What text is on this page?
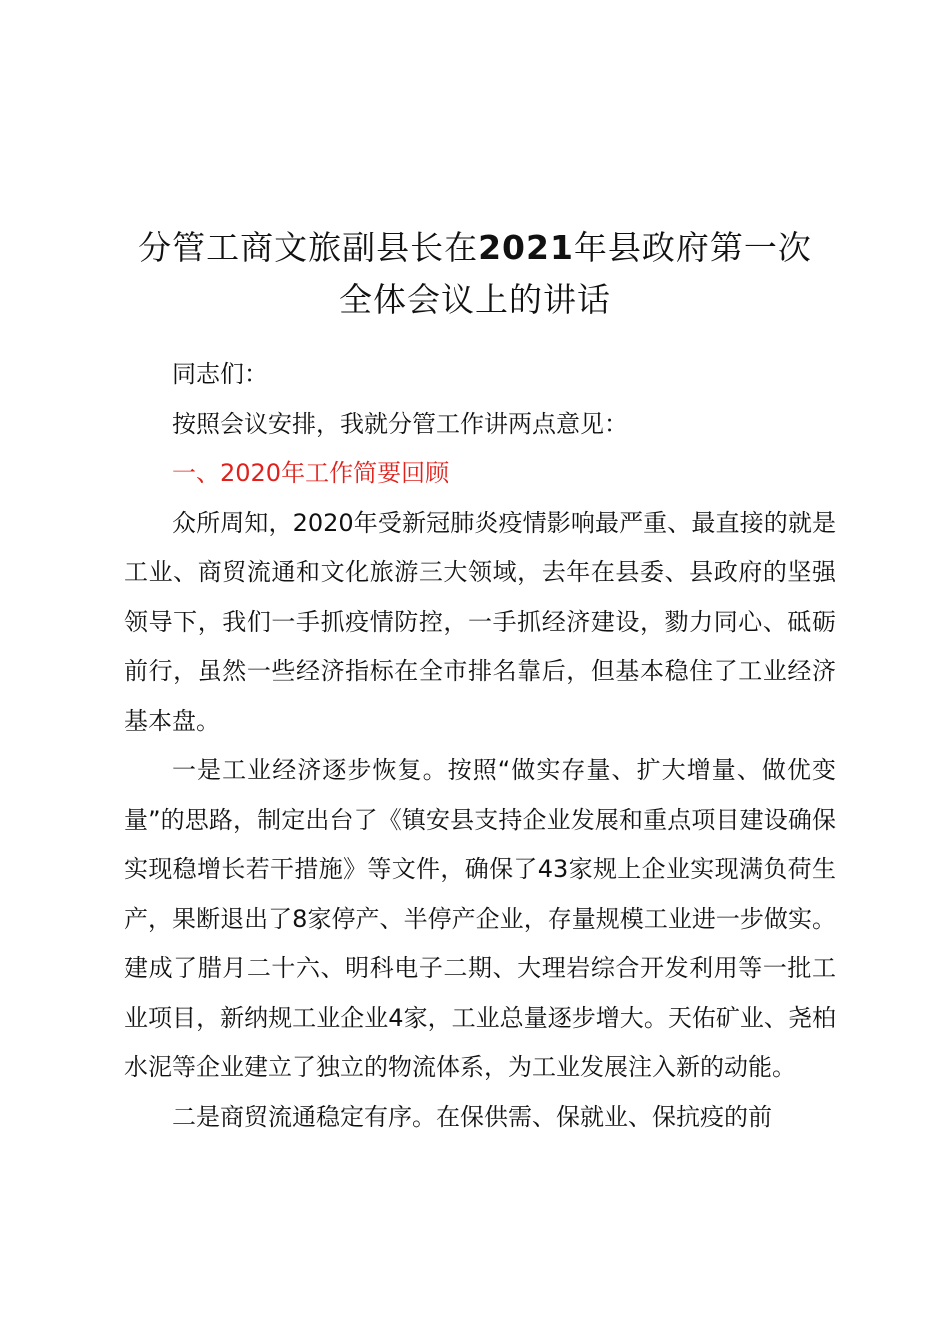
分管工商文旅副县长在2021年县政府第一次
全体会议上的讲话

同志们：

按照会议安排，我就分管工作讲两点意见：

一、2020年工作简要回顾

众所周知，2020年受新冠肺炎疫情影响最严重、最直接的就是工业、商贸流通和文化旅游三大领域，去年在县委、县政府的坚强领导下，我们一手抓疫情防控，一手抓经济建设，勠力同心、砥砺前行，虽然一些经济指标在全市排名靠后，但基本稳住了工业经济基本盘。

一是工业经济逐步恢复。按照“做实存量、扩大增量、做优变量”的思路，制定出台了《镇安县支持企业发展和重点项目建设确保实现稳增长若干措施》等文件，确保了43家规上企业实现满负荷生产，果断退出了8家停产、半停产企业，存量规模工业进一步做实。建成了腊月二十六、明科电子二期、大理岩综合开发利用等一批工业项目，新纳规工业企业4家，工业总量逐步增大。天佑矿业、尧柏水泥等企业建立了独立的物流体系，为工业发展注入新的动能。

二是商贸流通稳定有序。在保供需、保就业、保抗疫的前
